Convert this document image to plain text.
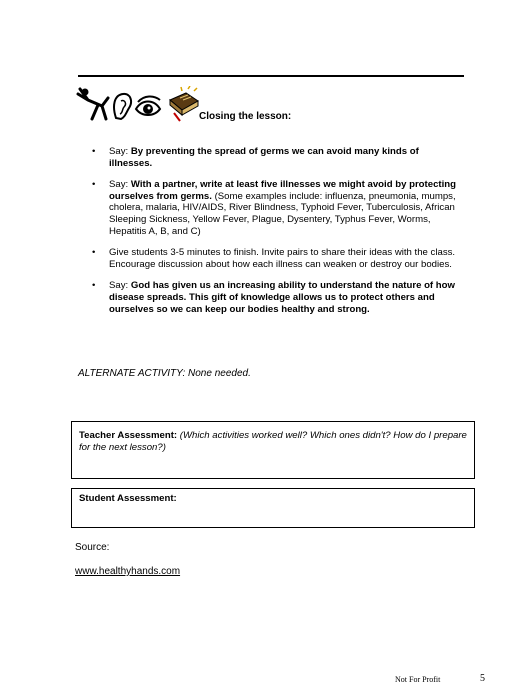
Closing the lesson:
• Say: By preventing the spread of germs we can avoid many kinds of illnesses.
• Say: With a partner, write at least five illnesses we might avoid by protecting ourselves from germs. (Some examples include: influenza, pneumonia, mumps, cholera, malaria, HIV/AIDS, River Blindness, Typhoid Fever, Tuberculosis, African Sleeping Sickness, Yellow Fever, Plague, Dysentery, Typhus Fever, Worms, Hepatitis A, B, and C)
• Give students 3-5 minutes to finish. Invite pairs to share their ideas with the class. Encourage discussion about how each illness can weaken or destroy our bodies.
• Say: God has given us an increasing ability to understand the nature of how disease spreads. This gift of knowledge allows us to protect others and ourselves so we can keep our bodies healthy and strong.
ALTERNATE ACTIVITY: None needed.
Teacher Assessment: (Which activities worked well? Which ones didn't? How do I prepare for the next lesson?)
Student Assessment:
Source:
www.healthyhands.com
Not For Profit	5
